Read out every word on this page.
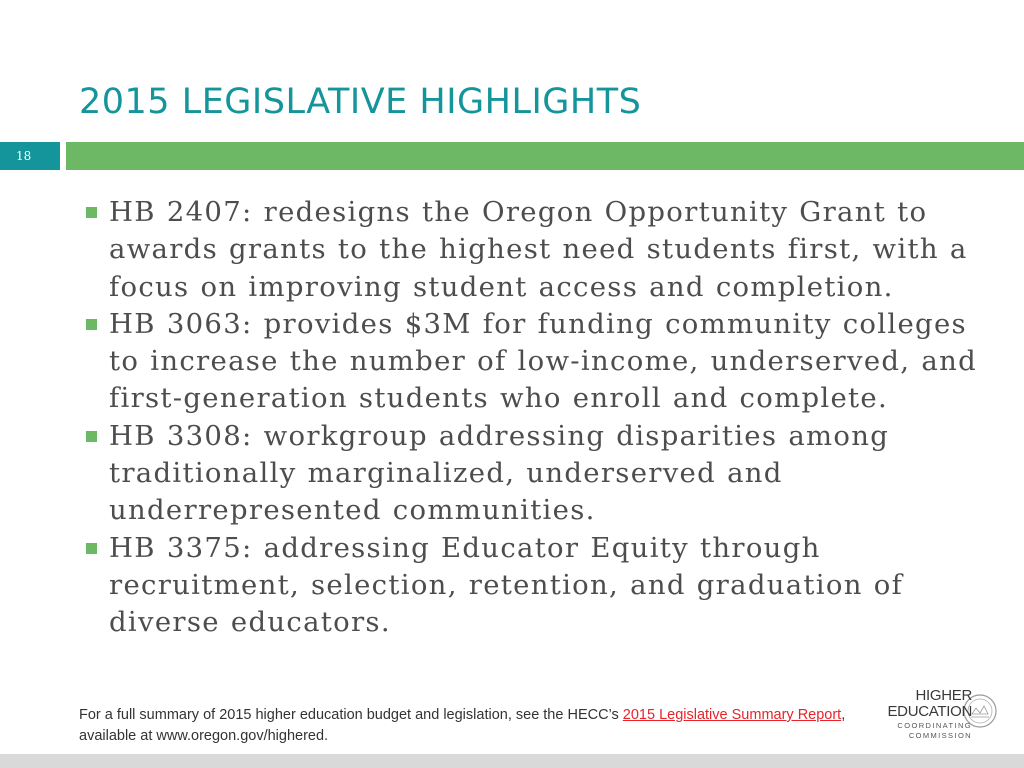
2015 LEGISLATIVE HIGHLIGHTS
18
HB 2407: redesigns the Oregon Opportunity Grant to awards grants to the highest need students first, with a focus on improving student access and completion.
HB 3063: provides $3M for funding community colleges to increase the number of low-income, underserved, and first-generation students who enroll and complete.
HB 3308: workgroup addressing disparities among traditionally marginalized, underserved and underrepresented communities.
HB 3375: addressing Educator Equity through recruitment, selection, retention, and graduation of diverse educators.
For a full summary of 2015 higher education budget and legislation, see the HECC’s 2015 Legislative Summary Report, available at www.oregon.gov/highered.
HIGHER
EDUCATION
COORDINATING
COMMISSION
